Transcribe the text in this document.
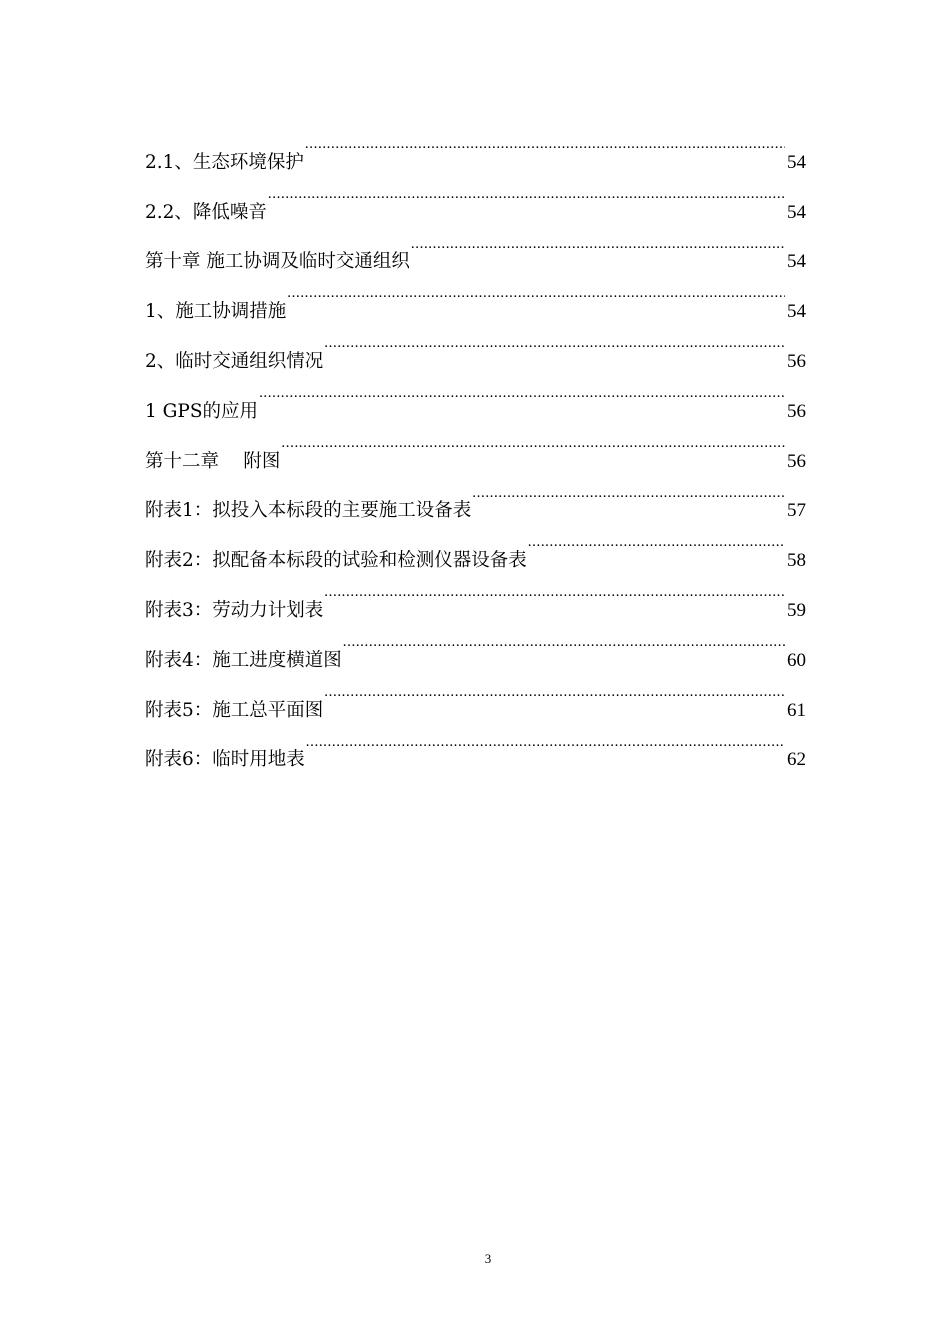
2.1、生态环境保护 .....	54
2.2、降低噪音 .....	54
第十章 施工协调及临时交通组织 .....	54
1、施工协调措施 .....	54
2、临时交通组织情况 .....	56
1 GPS的应用 .....	56
第十二章　 附图 .....	56
附表1：拟投入本标段的主要施工设备表 .....	57
附表2：拟配备本标段的试验和检测仪器设备表 .....	58
附表3：劳动力计划表 .....	59
附表4：施工进度横道图 .....	60
附表5：施工总平面图 .....	61
附表6：临时用地表 .....	62
3
